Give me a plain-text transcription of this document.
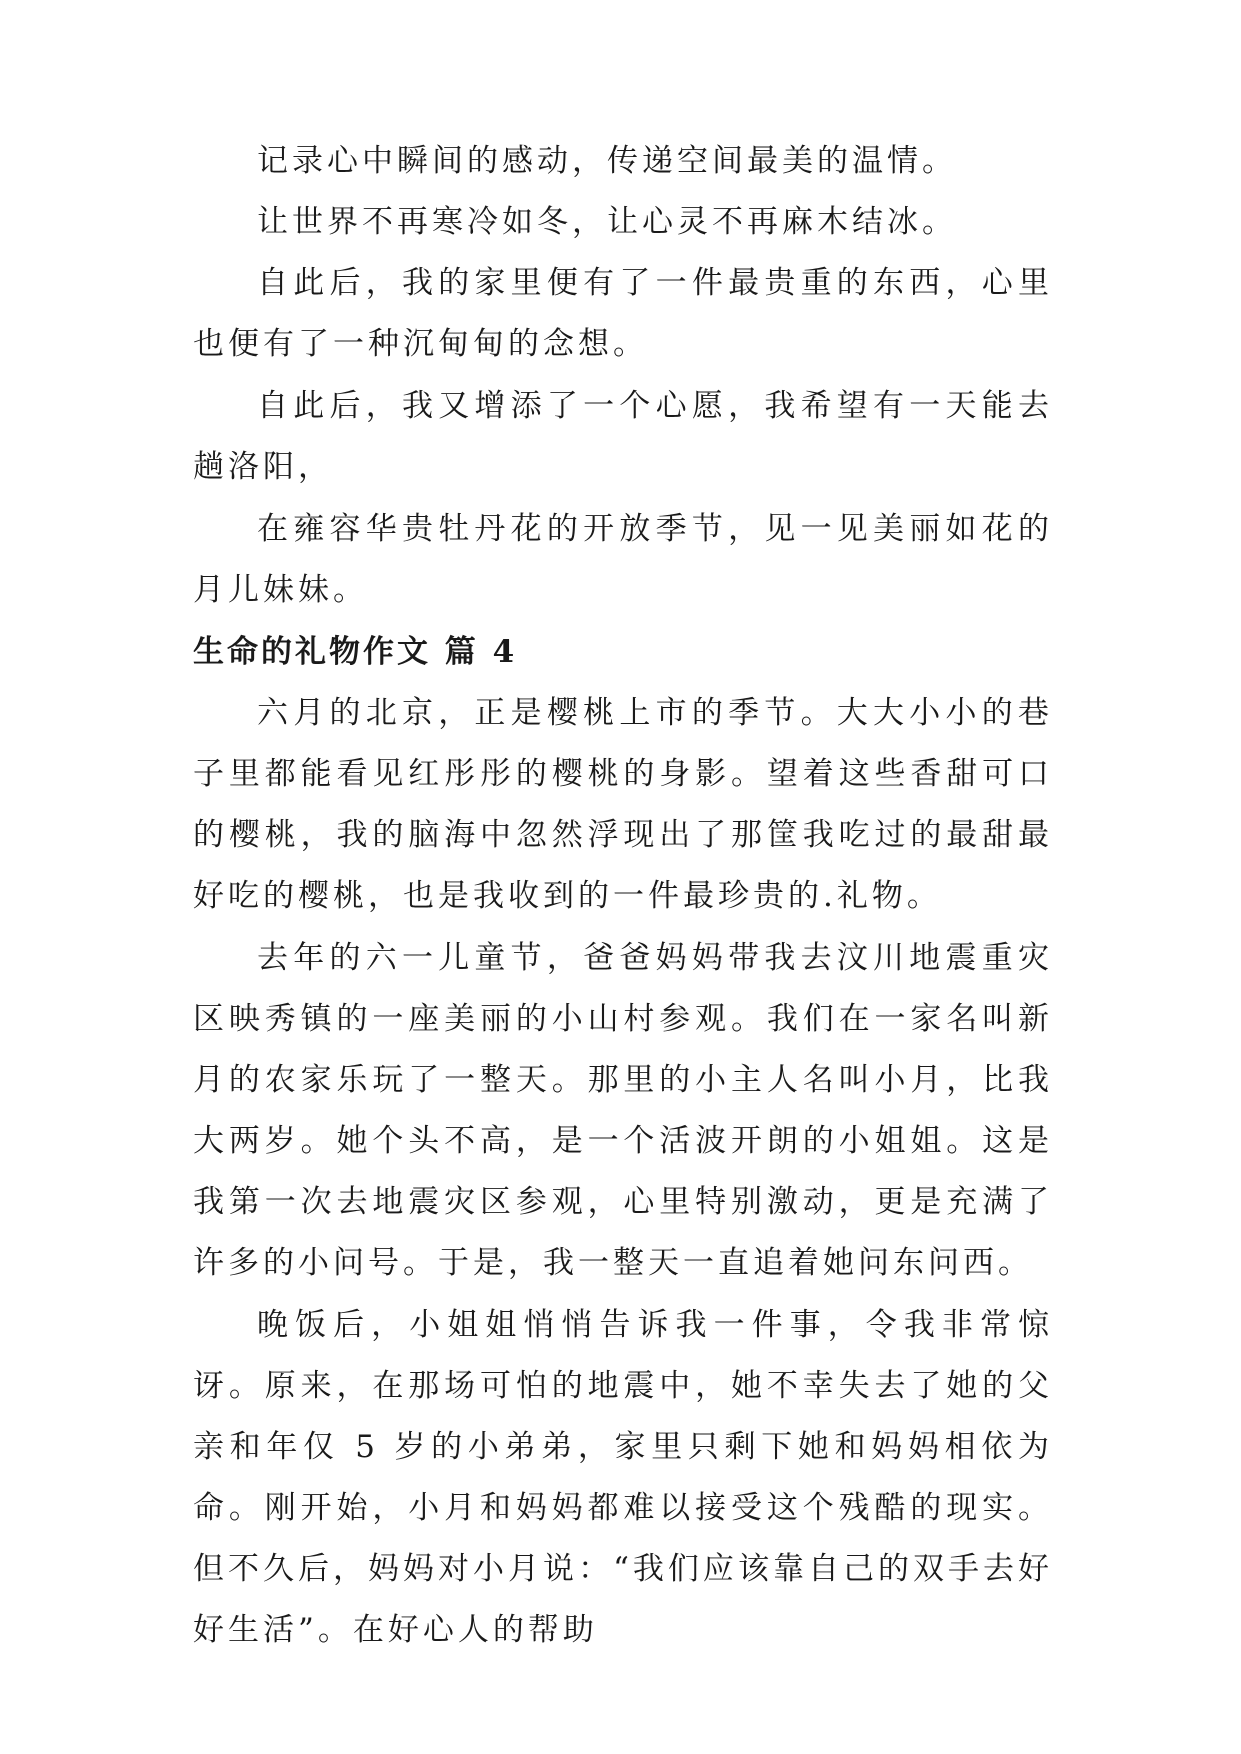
记录心中瞬间的感动，传递空间最美的温情。

让世界不再寒冷如冬，让心灵不再麻木结冰。

自此后，我的家里便有了一件最贵重的东西，心里也便有了一种沉甸甸的念想。

自此后，我又增添了一个心愿，我希望有一天能去趟洛阳，

在雍容华贵牡丹花的开放季节，见一见美丽如花的月儿妹妹。

生命的礼物作文 篇 4

六月的北京，正是樱桃上市的季节。大大小小的巷子里都能看见红彤彤的樱桃的身影。望着这些香甜可口的樱桃，我的脑海中忽然浮现出了那筐我吃过的最甜最好吃的樱桃，也是我收到的一件最珍贵的.礼物。

去年的六一儿童节，爸爸妈妈带我去汶川地震重灾区映秀镇的一座美丽的小山村参观。我们在一家名叫新月的农家乐玩了一整天。那里的小主人名叫小月，比我大两岁。她个头不高，是一个活波开朗的小姐姐。这是我第一次去地震灾区参观，心里特别激动，更是充满了许多的小问号。于是，我一整天一直追着她问东问西。

晚饭后，小姐姐悄悄告诉我一件事，令我非常惊讶。原来，在那场可怕的地震中，她不幸失去了她的父亲和年仅 5 岁的小弟弟，家里只剩下她和妈妈相依为命。刚开始，小月和妈妈都难以接受这个残酷的现实。但不久后，妈妈对小月说：“我们应该靠自己的双手去好好生活”。在好心人的帮助
